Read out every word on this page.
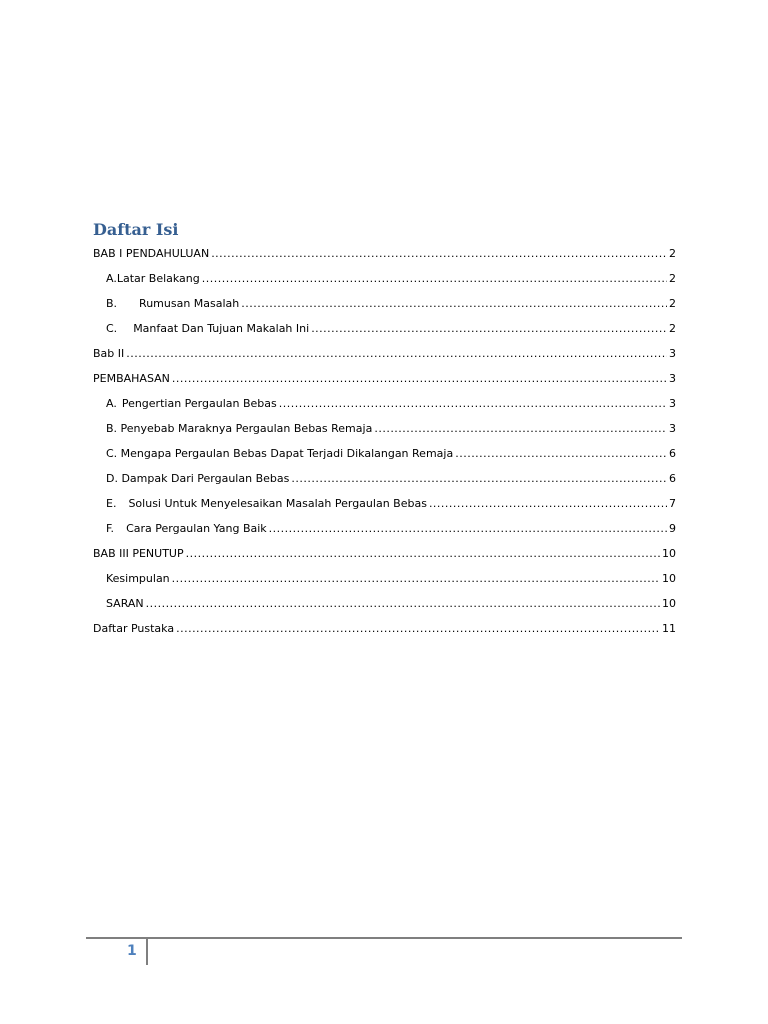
Daftar Isi
BAB I PENDAHULUAN .....	2
A.Latar Belakang .....	2
B. Rumusan Masalah .....	2
C. Manfaat Dan Tujuan Makalah Ini .....	2
Bab II .....	3
PEMBAHASAN .....	3
A. Pengertian Pergaulan Bebas .....	3
B. Penyebab Maraknya Pergaulan Bebas Remaja .....	3
C. Mengapa Pergaulan Bebas Dapat Terjadi Dikalangan Remaja .....	6
D. Dampak Dari Pergaulan Bebas .....	6
E. Solusi Untuk Menyelesaikan Masalah Pergaulan Bebas .....	7
F. Cara Pergaulan Yang Baik .....	9
BAB III PENUTUP .....	10
Kesimpulan .....	10
SARAN .....	10
Daftar Pustaka .....	11
1
